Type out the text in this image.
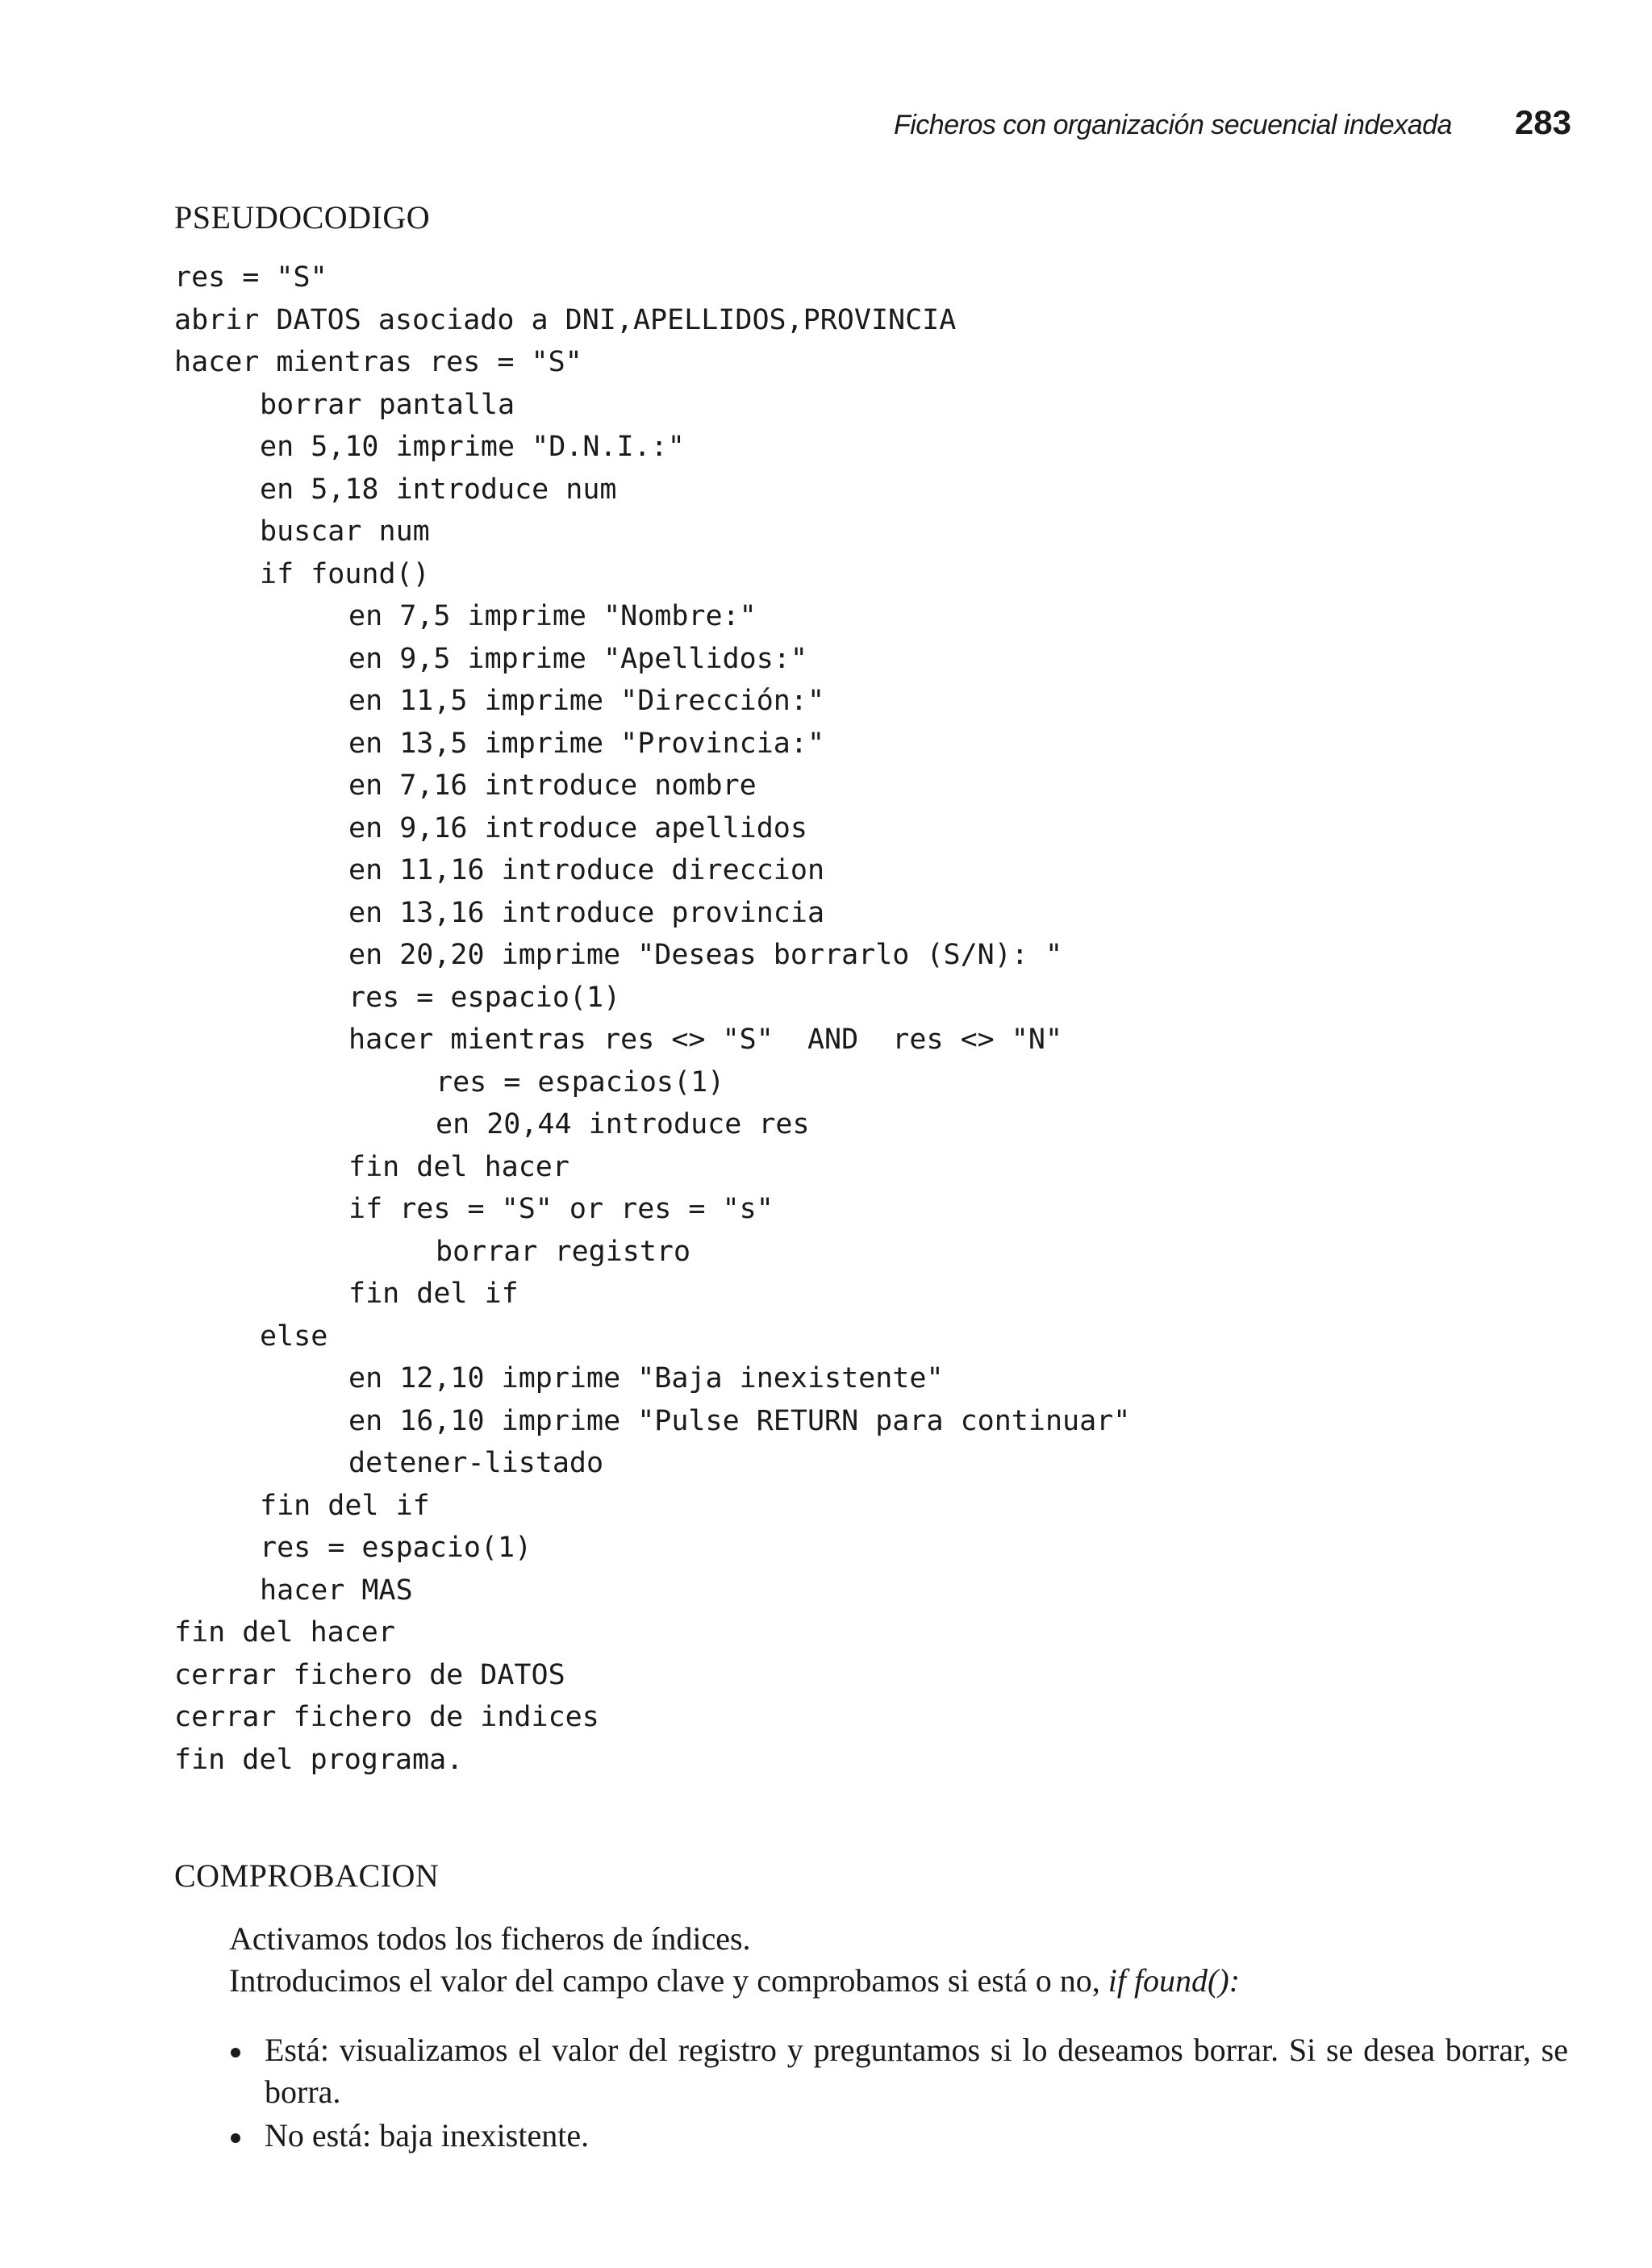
Ficheros con organización secuencial indexada 283
PSEUDOCODIGO
res = "S"
abrir DATOS asociado a DNI,APELLIDOS,PROVINCIA
hacer mientras res = "S"
borrar pantalla
en 5,10 imprime "D.N.I.:"
en 5,18 introduce num
buscar num
if found()
en 7,5 imprime "Nombre:"
en 9,5 imprime "Apellidos:"
en 11,5 imprime "Dirección:"
en 13,5 imprime "Provincia:"
en 7,16 introduce nombre
en 9,16 introduce apellidos
en 11,16 introduce direccion
en 13,16 introduce provincia
en 20,20 imprime "Deseas borrarlo (S/N): "
res = espacio(1)
hacer mientras res <> "S"  AND  res <> "N"
res = espacios(1)
en 20,44 introduce res
fin del hacer
if res = "S" or res = "s"
borrar registro
fin del if
else
en 12,10 imprime "Baja inexistente"
en 16,10 imprime "Pulse RETURN para continuar"
detener-listado
fin del if
res = espacio(1)
hacer MAS
fin del hacer
cerrar fichero de DATOS
cerrar fichero de indices
fin del programa.
COMPROBACION

Activamos todos los ficheros de índices.

Introducimos el valor del campo clave y comprobamos si está o no, if found():

Está: visualizamos el valor del registro y preguntamos si lo deseamos borrar. Si se desea borrar, se borra.
No está: baja inexistente.
